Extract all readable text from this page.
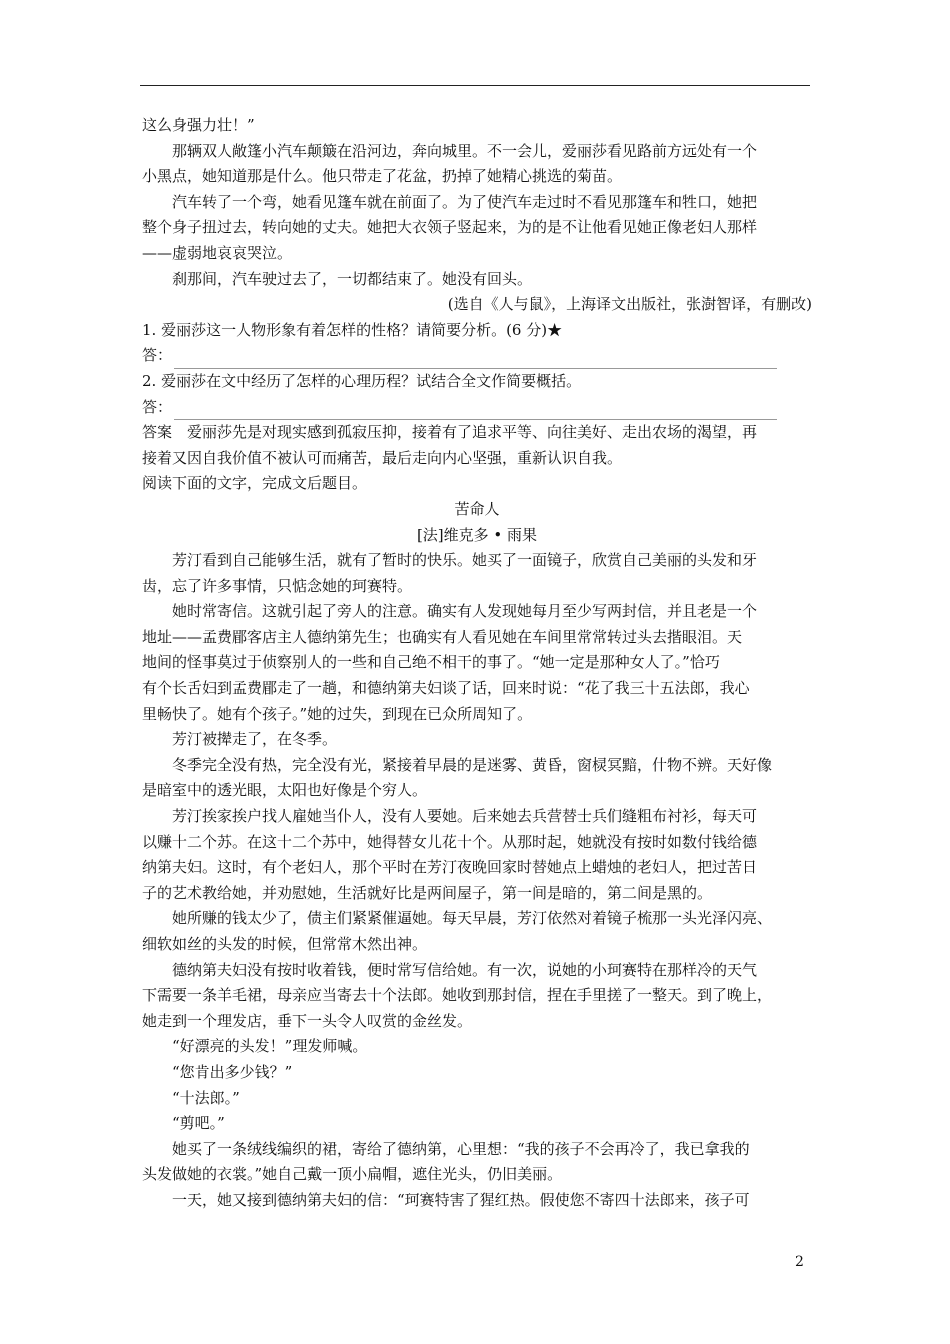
这么身强力壮！”
那辆双人敞篷小汽车颠簸在沿河边，奔向城里。不一会儿，爱丽莎看见路前方远处有一个
小黑点，她知道那是什么。他只带走了花盆，扔掉了她精心挑选的菊苗。
汽车转了一个弯，她看见篷车就在前面了。为了使汽车走过时不看见那篷车和牲口，她把
整个身子扭过去，转向她的丈夫。她把大衣领子竖起来，为的是不让他看见她正像老妇人那样
——虚弱地哀哀哭泣。
刹那间，汽车驶过去了，一切都结束了。她没有回头。
(选自《人与鼠》，上海译文出版社，张澍智译，有删改)
1. 爱丽莎这一人物形象有着怎样的性格？请简要分析。(6 分)★
答：
2. 爱丽莎在文中经历了怎样的心理历程？试结合全文作简要概括。
答：
答案　爱丽莎先是对现实感到孤寂压抑，接着有了追求平等、向往美好、走出农场的渴望，再
接着又因自我价值不被认可而痛苦，最后走向内心坚强，重新认识自我。
阅读下面的文字，完成文后题目。
苦命人
[法]维克多 • 雨果
芳汀看到自己能够生活，就有了暂时的快乐。她买了一面镜子，欣赏自己美丽的头发和牙
齿，忘了许多事情，只惦念她的珂赛特。
她时常寄信。这就引起了旁人的注意。确实有人发现她每月至少写两封信，并且老是一个
地址——孟费郿客店主人德纳第先生；也确实有人看见她在车间里常常转过头去揩眼泪。天
地间的怪事莫过于侦察别人的一些和自己绝不相干的事了。“她一定是那种女人了。”恰巧
有个长舌妇到孟费郿走了一趟，和德纳第夫妇谈了话，回来时说：“花了我三十五法郎，我心
里畅快了。她有个孩子。”她的过失，到现在已众所周知了。
芳汀被撵走了，在冬季。
冬季完全没有热，完全没有光，紧接着早晨的是迷雾、黄昏，窗棂冥黯，什物不辨。天好像
是暗室中的透光眼，太阳也好像是个穷人。
芳汀挨家挨户找人雇她当仆人，没有人要她。后来她去兵营替士兵们缝粗布衬衫，每天可
以赚十二个苏。在这十二个苏中，她得替女儿花十个。从那时起，她就没有按时如数付钱给德
纳第夫妇。这时，有个老妇人，那个平时在芳汀夜晚回家时替她点上蜡烛的老妇人，把过苦日
子的艺术教给她，并劝慰她，生活就好比是两间屋子，第一间是暗的，第二间是黑的。
她所赚的钱太少了，债主们紧紧催逼她。每天早晨，芳汀依然对着镜子梳那一头光泽闪亮、
细软如丝的头发的时候，但常常木然出神。
德纳第夫妇没有按时收着钱，便时常写信给她。有一次，说她的小珂赛特在那样冷的天气
下需要一条羊毛裙，母亲应当寄去十个法郎。她收到那封信，捏在手里搓了一整天。到了晚上，
她走到一个理发店，垂下一头令人叹赏的金丝发。
“好漂亮的头发！”理发师喊。
“您肯出多少钱？”
“十法郎。”
“剪吧。”
她买了一条绒线编织的裙，寄给了德纳第，心里想：“我的孩子不会再冷了，我已拿我的
头发做她的衣裳。”她自己戴一顶小扁帽，遮住光头，仍旧美丽。
一天，她又接到德纳第夫妇的信：“珂赛特害了猩红热。假使您不寄四十法郎来，孩子可
2
